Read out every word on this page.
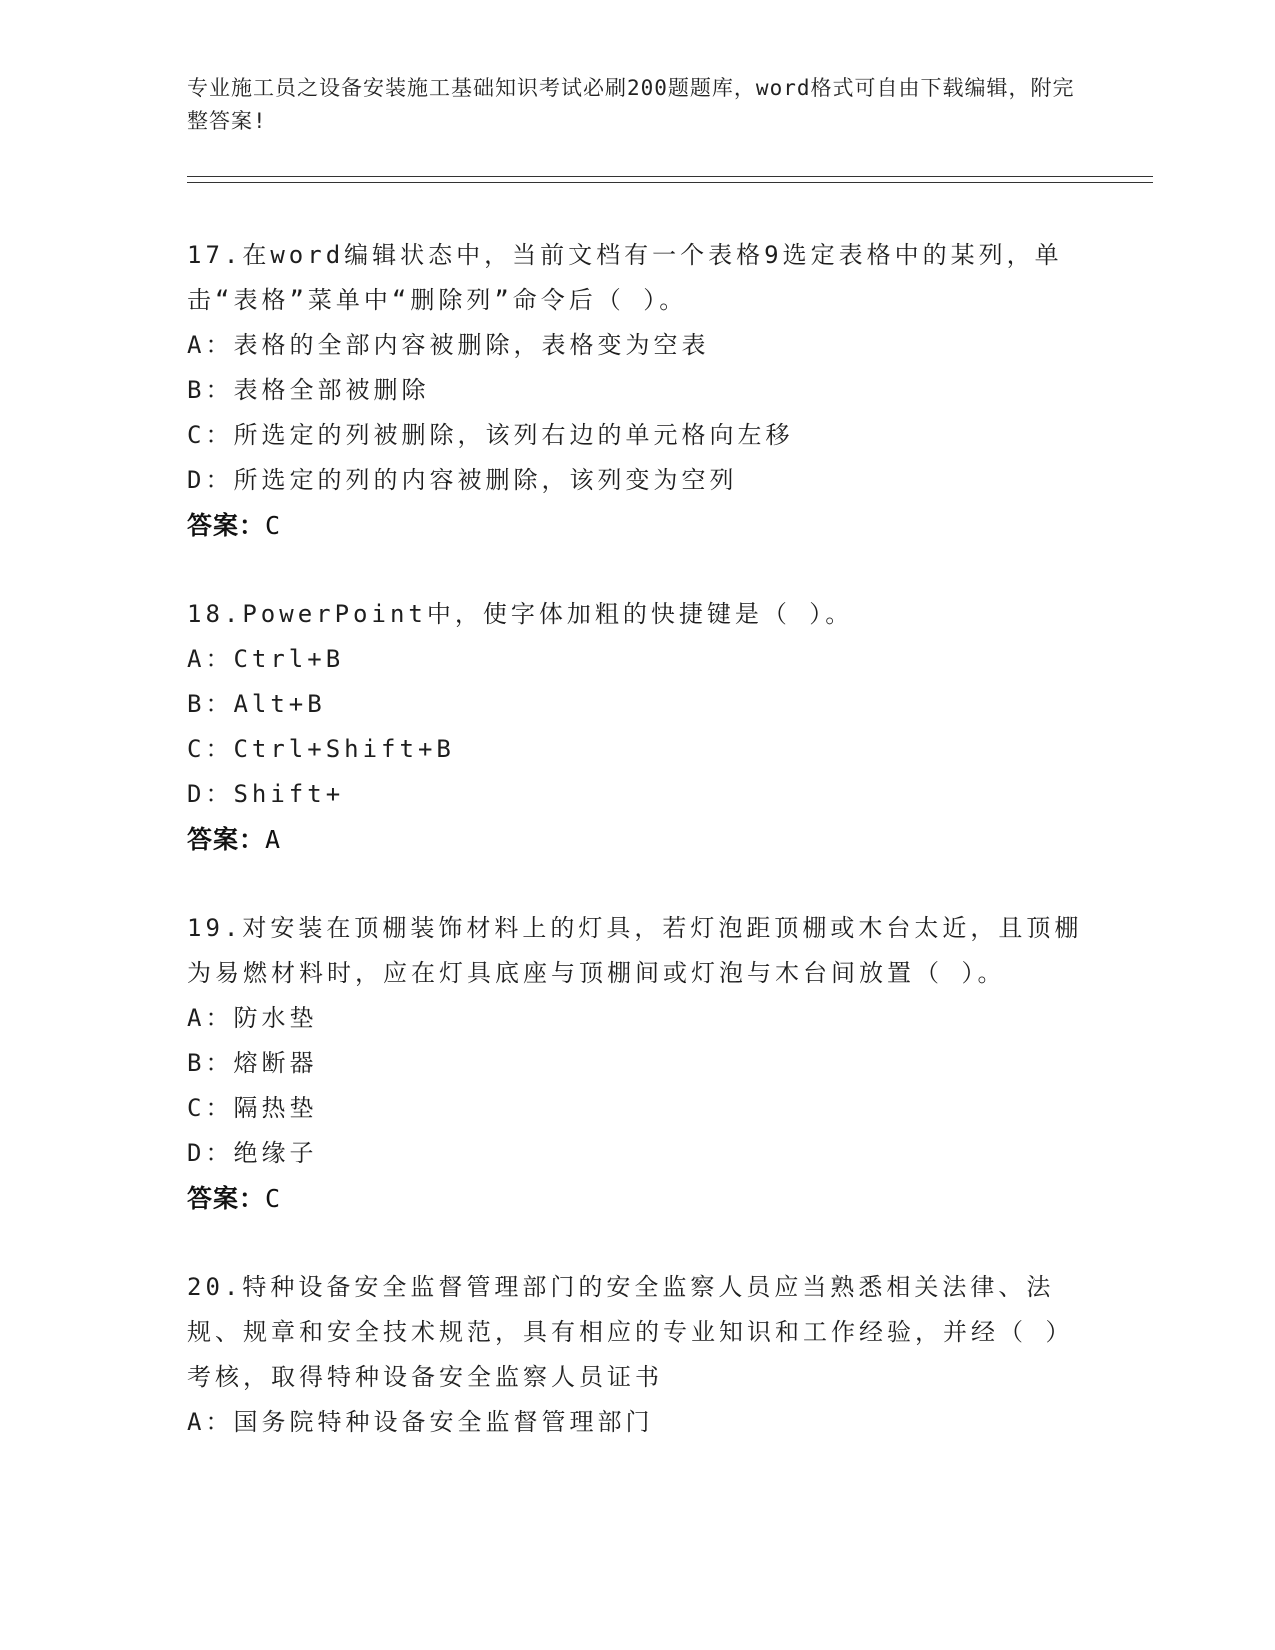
专业施工员之设备安装施工基础知识考试必刷200题题库，word格式可自由下载编辑，附完整答案!

17.在word编辑状态中，当前文档有一个表格9选定表格中的某列，单击“表格”菜单中“删除列”命令后（ ）。

A：表格的全部内容被删除，表格变为空表

B：表格全部被删除

C：所选定的列被删除，该列右边的单元格向左移

D：所选定的列的内容被删除，该列变为空列

答案：C

18.PowerPoint中，使字体加粗的快捷键是（ ）。

A：Ctrl+B

B：Alt+B

C：Ctrl+Shift+B

D：Shift+

答案：A

19.对安装在顶棚装饰材料上的灯具，若灯泡距顶棚或木台太近，且顶棚为易燃材料时，应在灯具底座与顶棚间或灯泡与木台间放置（ ）。

A：防水垫

B：熔断器

C：隔热垫

D：绝缘子

答案：C

20.特种设备安全监督管理部门的安全监察人员应当熟悉相关法律、法规、规章和安全技术规范，具有相应的专业知识和工作经验，并经（ ）考核，取得特种设备安全监察人员证书

A：国务院特种设备安全监督管理部门
